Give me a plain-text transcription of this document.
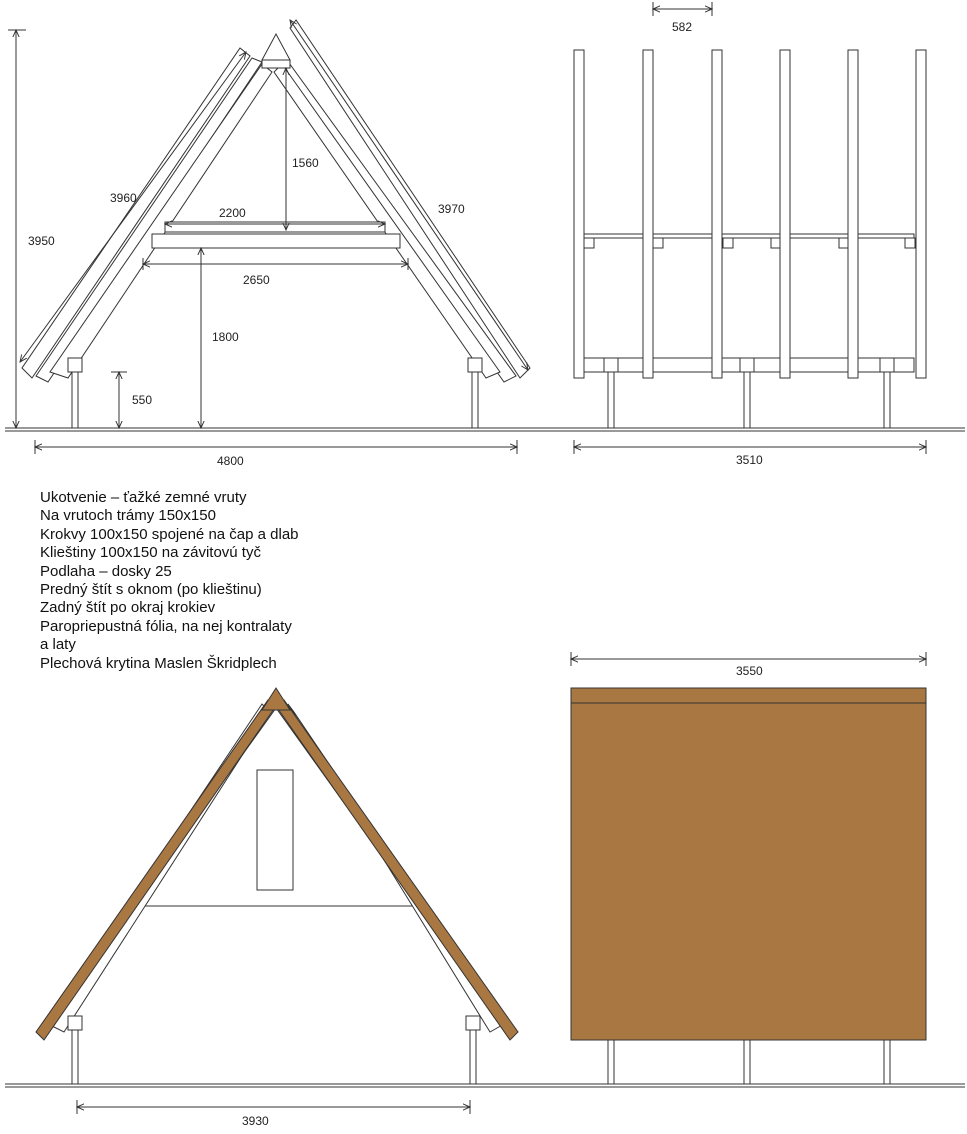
3950
3960
3970
1560
2200
2650
1800
550
4800
582
3510
3930
3550
Ukotvenie – ťažké zemné vruty
Na vrutoch trámy 150x150
Krokvy 100x150 spojené na čap a dlab
Klieštiny 100x150 na závitovú tyč
Podlaha – dosky 25
Predný štít s oknom (po klieštinu)
Zadný štít po okraj krokiev
Paropriepustná fólia, na nej kontralaty
a laty
Plechová krytina Maslen Škridplech
